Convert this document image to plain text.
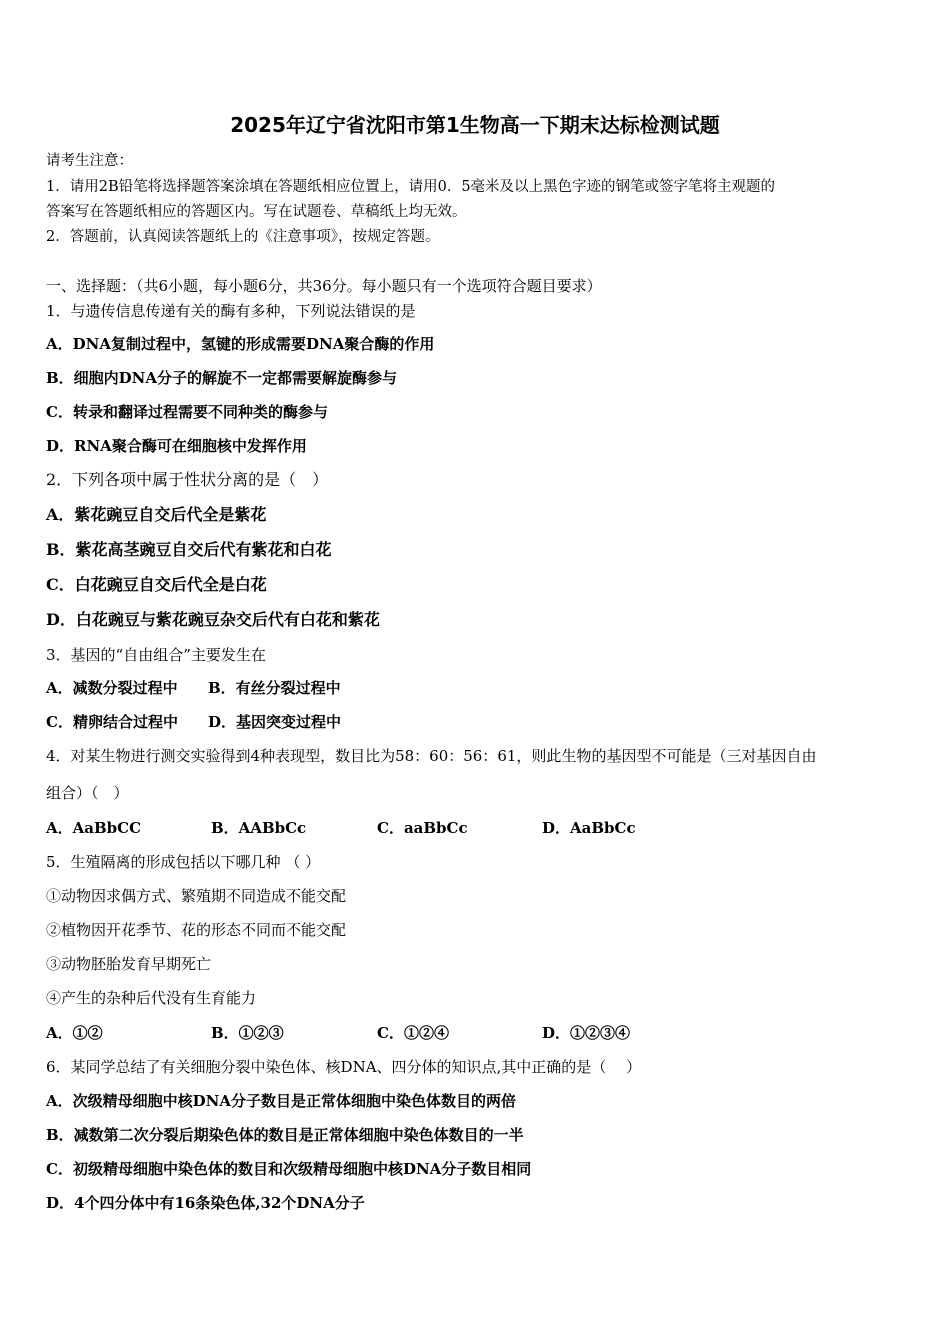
2025年辽宁省沈阳市第1生物高一下期末达标检测试题
请考生注意：
1．请用2B铅笔将选择题答案涂填在答题纸相应位置上，请用0．5毫米及以上黑色字迹的钢笔或签字笔将主观题的
答案写在答题纸相应的答题区内。写在试题卷、草稿纸上均无效。
2．答题前，认真阅读答题纸上的《注意事项》，按规定答题。
一、选择题：（共6小题，每小题6分，共36分。每小题只有一个选项符合题目要求）
1．与遗传信息传递有关的酶有多种，下列说法错误的是
A．DNA复制过程中，氢键的形成需要DNA聚合酶的作用
B．细胞内DNA分子的解旋不一定都需要解旋酶参与
C．转录和翻译过程需要不同种类的酶参与
D．RNA聚合酶可在细胞核中发挥作用
2．下列各项中属于性状分离的是（　）
A．紫花豌豆自交后代全是紫花
B．紫花高茎豌豆自交后代有紫花和白花
C．白花豌豆自交后代全是白花
D．白花豌豆与紫花豌豆杂交后代有白花和紫花
3．基因的“自由组合”主要发生在
A．减数分裂过程中 B．有丝分裂过程中
C．精卵结合过程中 D．基因突变过程中
4．对某生物进行测交实验得到4种表现型，数目比为58：60：56：61，则此生物的基因型不可能是（三对基因自由
组合）（　）
A．AaBbCC	B．AABbCc	C．aaBbCc	D．AaBbCc
5．生殖隔离的形成包括以下哪几种 （ ）
①动物因求偶方式、繁殖期不同造成不能交配
②植物因开花季节、花的形态不同而不能交配
③动物胚胎发育早期死亡
④产生的杂种后代没有生育能力
A．①②	B．①②③	C．①②④	D．①②③④
6．某同学总结了有关细胞分裂中染色体、核DNA、四分体的知识点,其中正确的是（　 ）
A．次级精母细胞中核DNA分子数目是正常体细胞中染色体数目的两倍
B．减数第二次分裂后期染色体的数目是正常体细胞中染色体数目的一半
C．初级精母细胞中染色体的数目和次级精母细胞中核DNA分子数目相同
D．4个四分体中有16条染色体,32个DNA分子
